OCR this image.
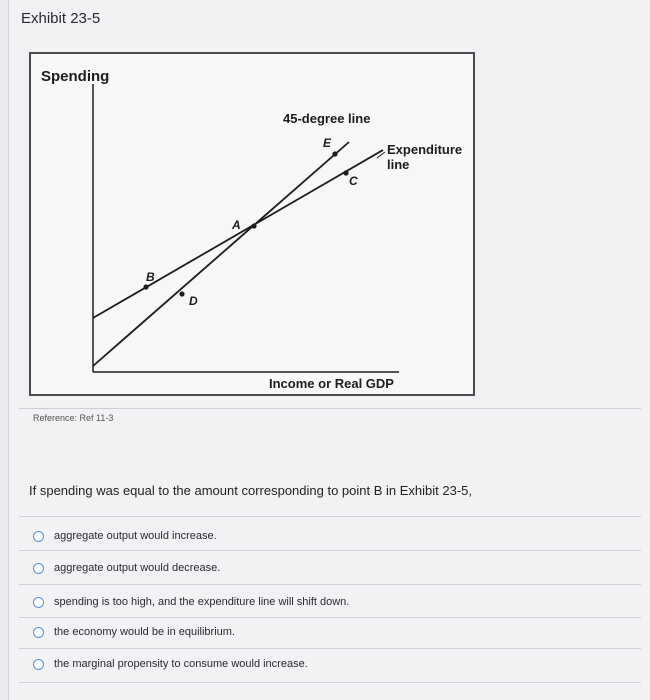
Exhibit 23-5
Spending
45-degree line
Expenditure
line
A
B
C
D
E
Income or Real GDP
Reference: Ref 11-3
If spending was equal to the amount corresponding to point B in Exhibit 23-5,
aggregate output would increase.
aggregate output would decrease.
spending is too high, and the expenditure line will shift down.
the economy would be in equilibrium.
the marginal propensity to consume would increase.
